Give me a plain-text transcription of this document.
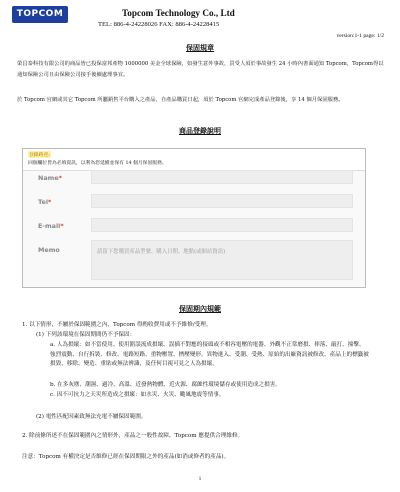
TOPCOM	Topcom Technology Co., Ltd
TEL: 886-4-24228026 FAX: 886-4-24228415
version:1-1 page: 1/2
保固規章
榮昌泰科技有限公司的商品皆已投保富邦產物 1000000 美金全球保險，如發生意外事故，買受人須於事故發生 24 小時內書面通知 Topcom，Topcom得以通知保險公司且由保險公司接手後續處理事宜。
於 Topcom 官網或其它 Topcom 所屬銷售平台購入之產品，自產品購買日起，須於 Topcom 官網完成產品登錄後，享 14 個月保固服務。
商品登錄說明
登錄路徑:
回個欄位皆為必填資訊，以利為您延續並保有 14 個月保固服務。
Name*
Tel*
E-mail*
Memo	請留下您購買產品型號、購入日期、地點(或網站資訊)
保固期內規範
1. 以下情形，不屬於保固範圍之內，Topcom 得酌收費用或不予維修/受理。
(1) 下列該環境在保固期間仍不予保固：
a. 人為損壞：如不當使用、使用錯誤流成損壞、誤插不對應的接頭或不相容電壓的電器、外觀不正常磨損、摔落、敲打、撞擊、強烈震動、自行拆裝、修改、電路短路、重物壓置、擠壓變形、異物進入、受潮、受熱、原始的出廠資訊被修改、產品上的標籤被損毀、移除、變造、重貼或無法辨識，及任何目視可見之人為損壞。
b. 在多灰塵、潮濕、過冷、高溫、近發熱物體、近火源、腐蝕性環境儲存或使用造成之損害。
c. 因不可抗力之天災所造成之損壞：如水災、火災、颱風地震等情事。
(2) 電性匹配因素致無法充電不屬保固範圍。
2. 除前條所述不在保固範圍內之情形外，產品之一般性故障，Topcom 應提供合理維修。
注意：Topcom 有權決定是否維修已經在保固期限之外的產品(如消或修者的產品)。
1
